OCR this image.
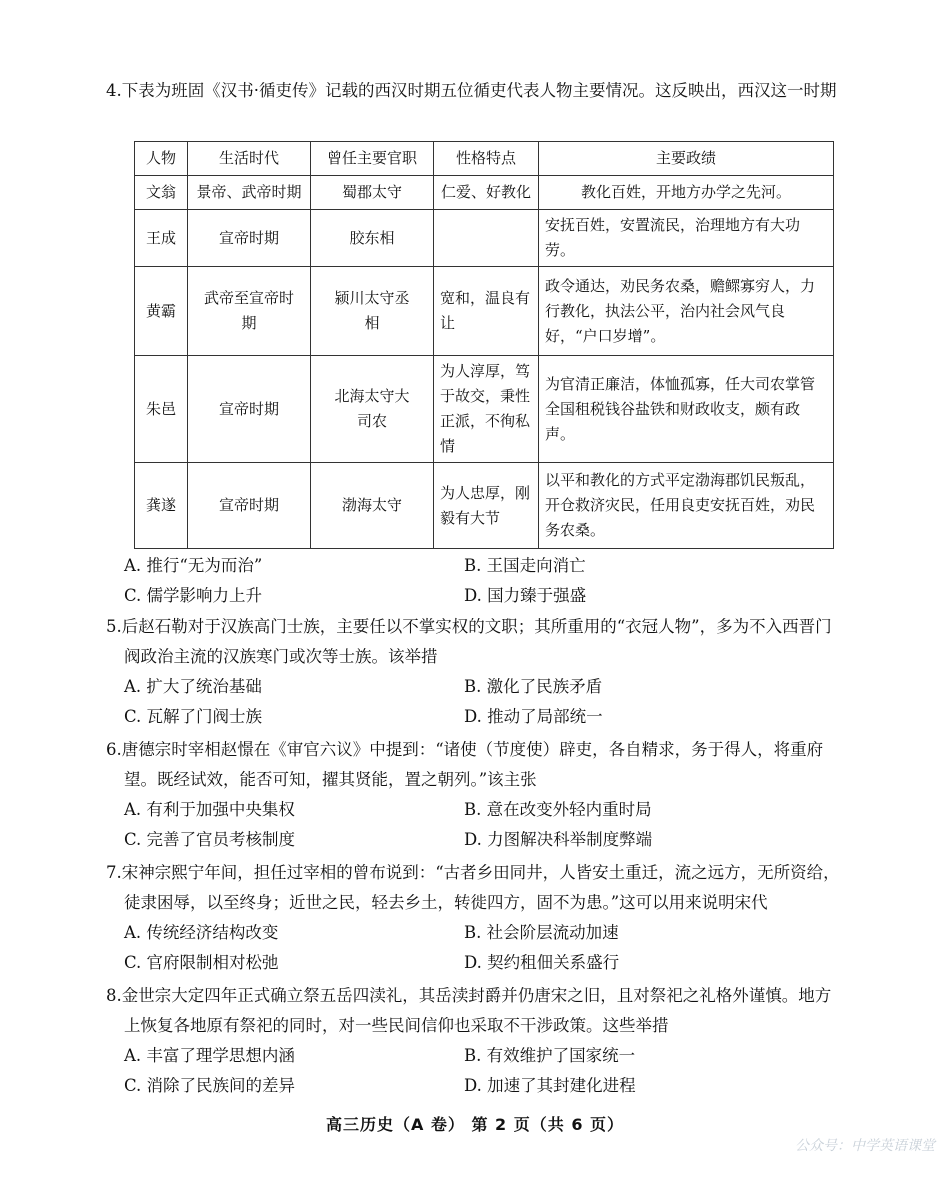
4.下表为班固《汉书·循吏传》记载的西汉时期五位循吏代表人物主要情况。这反映出，西汉这一时期
人物	生活时代	曾任主要官职	性格特点	主要政绩
文翁	景帝、武帝时期	蜀郡太守	仁爱、好教化	教化百姓，开地方办学之先河。
王成	宣帝时期	胶东相		安抚百姓，安置流民，治理地方有大功劳。
黄霸	武帝至宣帝时期	颍川太守丞相	宽和，温良有让	政令通达，劝民务农桑，赡鳏寡穷人，力行教化，执法公平，治内社会风气良好，“户口岁增”。
朱邑	宣帝时期	北海太守大司农	为人淳厚，笃于故交，秉性正派，不徇私情	为官清正廉洁，体恤孤寡，任大司农掌管全国租税钱谷盐铁和财政收支，颇有政声。
龚遂	宣帝时期	渤海太守	为人忠厚，刚毅有大节	以平和教化的方式平定渤海郡饥民叛乱，开仓救济灾民，任用良吏安抚百姓，劝民务农桑。
A. 推行“无为而治”	B. 王国走向消亡
C. 儒学影响力上升	D. 国力臻于强盛
5.后赵石勒对于汉族高门士族，主要任以不掌实权的文职；其所重用的“衣冠人物”，多为不入西晋门阀政治主流的汉族寒门或次等士族。该举措
A. 扩大了统治基础	B. 激化了民族矛盾
C. 瓦解了门阀士族	D. 推动了局部统一
6.唐德宗时宰相赵憬在《审官六议》中提到：“诸使（节度使）辟吏，各自精求，务于得人，将重府望。既经试效，能否可知，擢其贤能，置之朝列。”该主张
A. 有利于加强中央集权	B. 意在改变外轻内重时局
C. 完善了官员考核制度	D. 力图解决科举制度弊端
7.宋神宗熙宁年间，担任过宰相的曾布说到：“古者乡田同井，人皆安土重迁，流之远方，无所资给，徒隶困辱，以至终身；近世之民，轻去乡土，转徙四方，固不为患。”这可以用来说明宋代
A. 传统经济结构改变	B. 社会阶层流动加速
C. 官府限制相对松弛	D. 契约租佃关系盛行
8.金世宗大定四年正式确立祭五岳四渎礼，其岳渎封爵并仍唐宋之旧，且对祭祀之礼格外谨慎。地方上恢复各地原有祭祀的同时，对一些民间信仰也采取不干涉政策。这些举措
A. 丰富了理学思想内涵	B. 有效维护了国家统一
C. 消除了民族间的差异	D. 加速了其封建化进程
高三历史（A 卷） 第 2 页（共 6 页）
公众号：中学英语课堂
